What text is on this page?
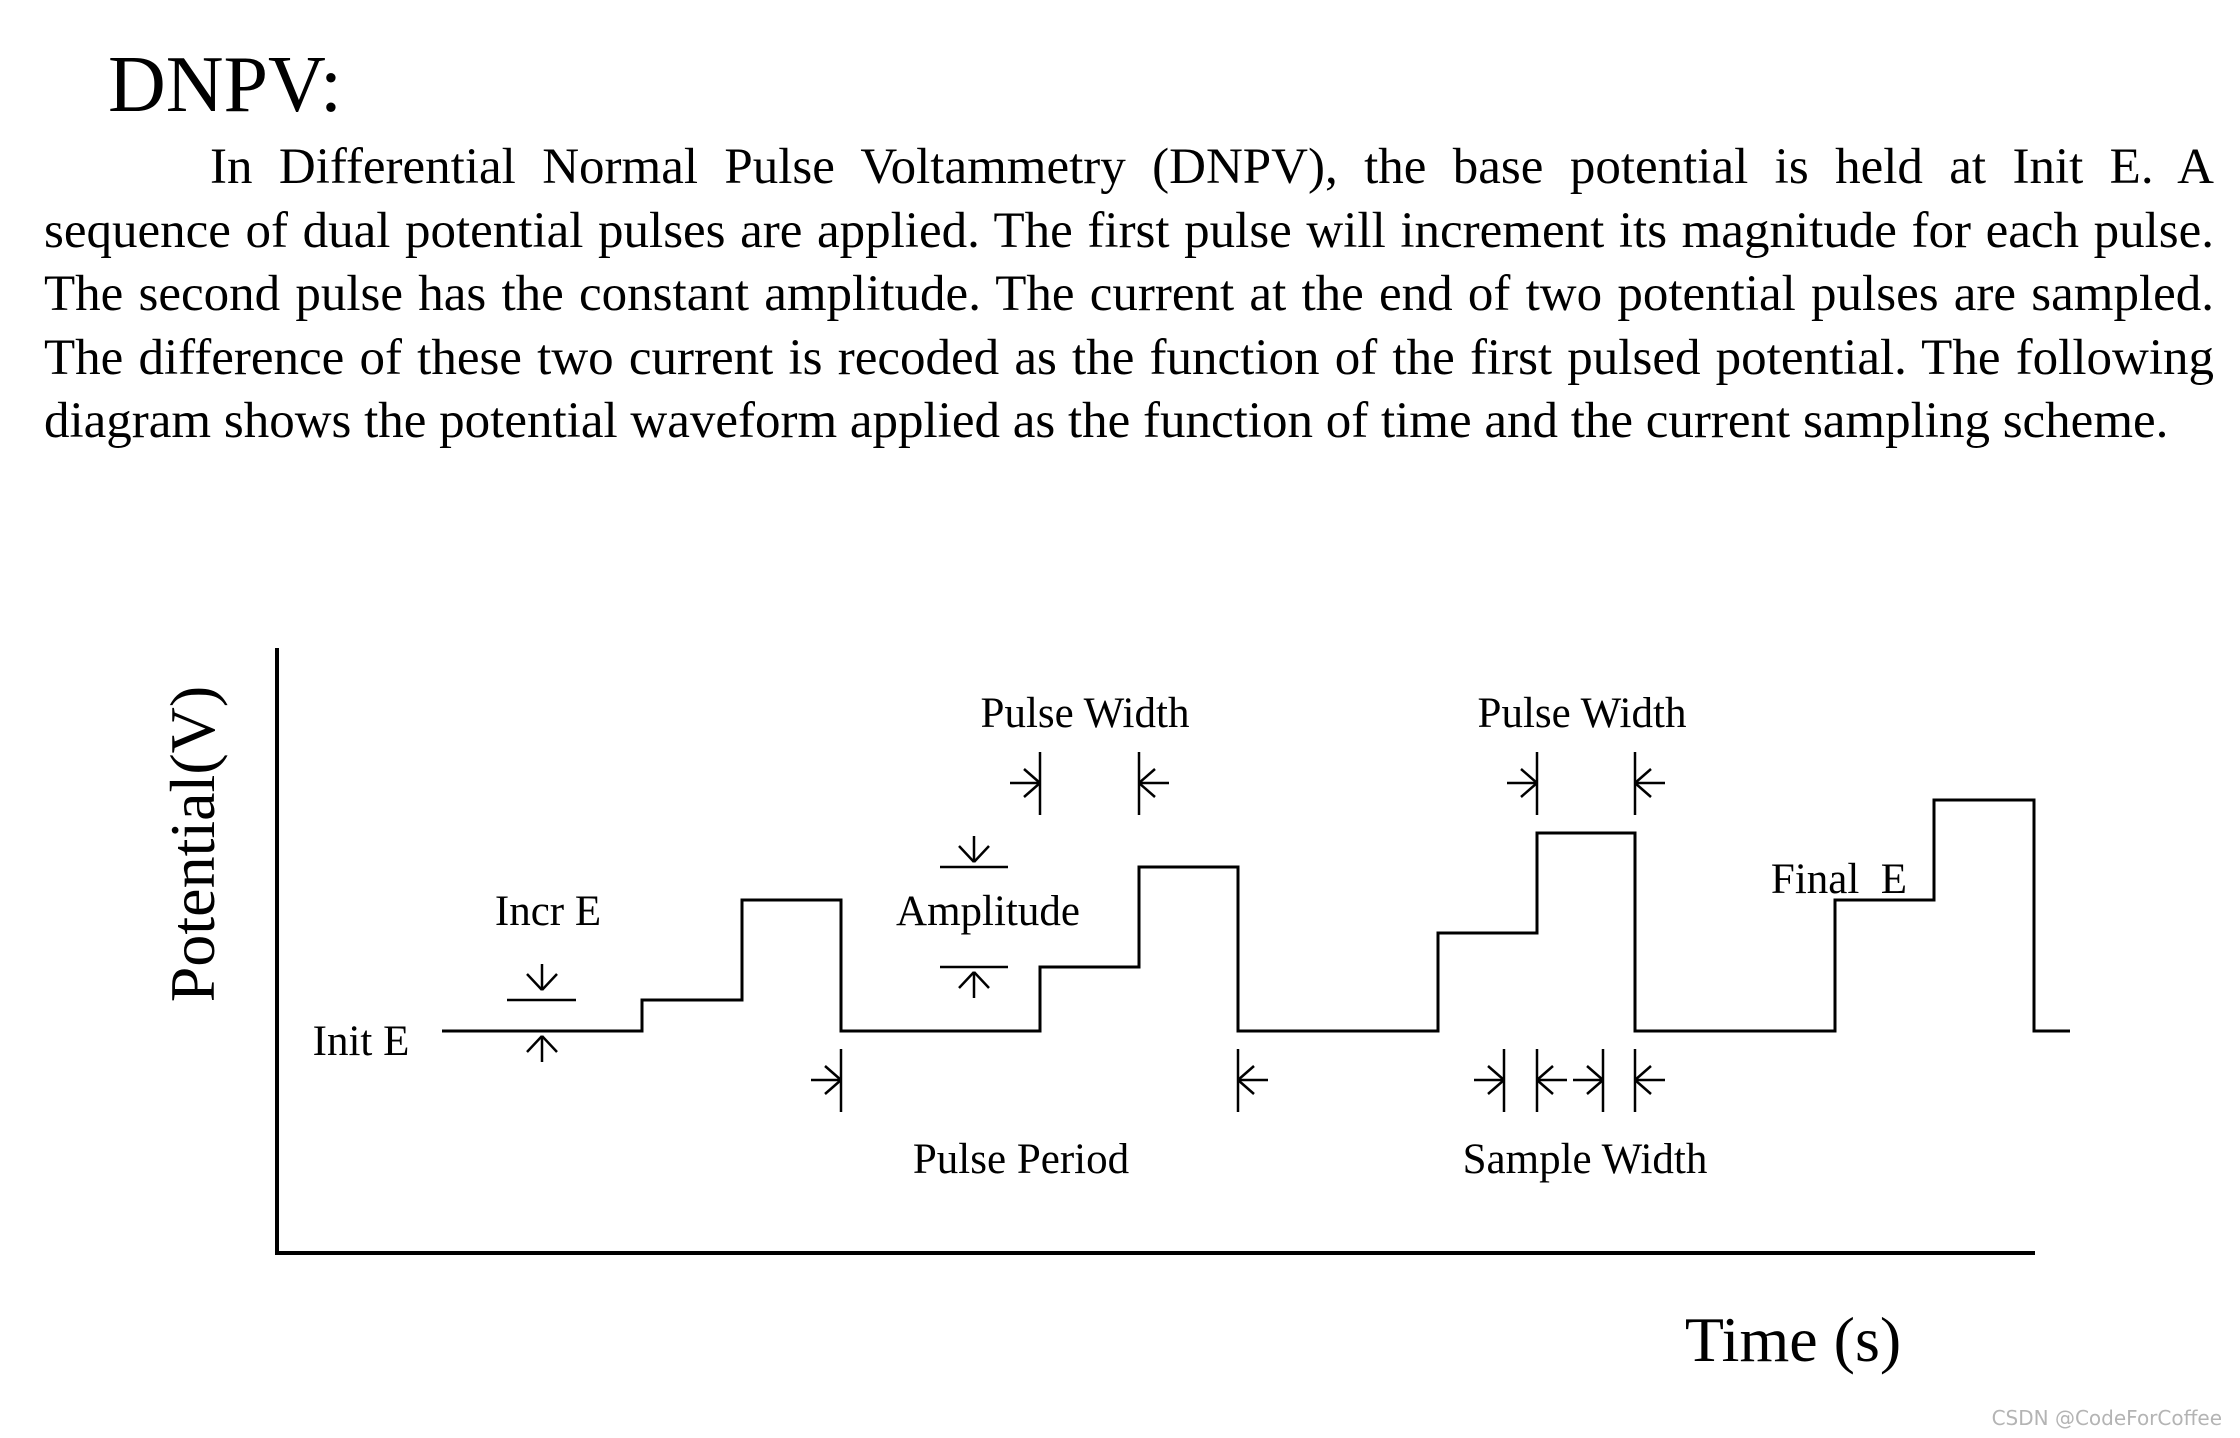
DNPV:

In Differential Normal Pulse Voltammetry (DNPV), the base potential is held at Init E. A sequence of dual potential pulses are applied. The first pulse will increment its magnitude for each pulse. The second pulse has the constant amplitude. The current at the end of two potential pulses are sampled. The difference of these two current is recoded as the function of the first pulsed potential. The following diagram shows the potential waveform applied as the function of time and the current sampling scheme.

Potential(V)
Time (s)
Init E
Incr E	Amplitude
Pulse Width	Pulse Width
Final  E
Pulse Period	Sample Width
CSDN @CodeForCoffee
